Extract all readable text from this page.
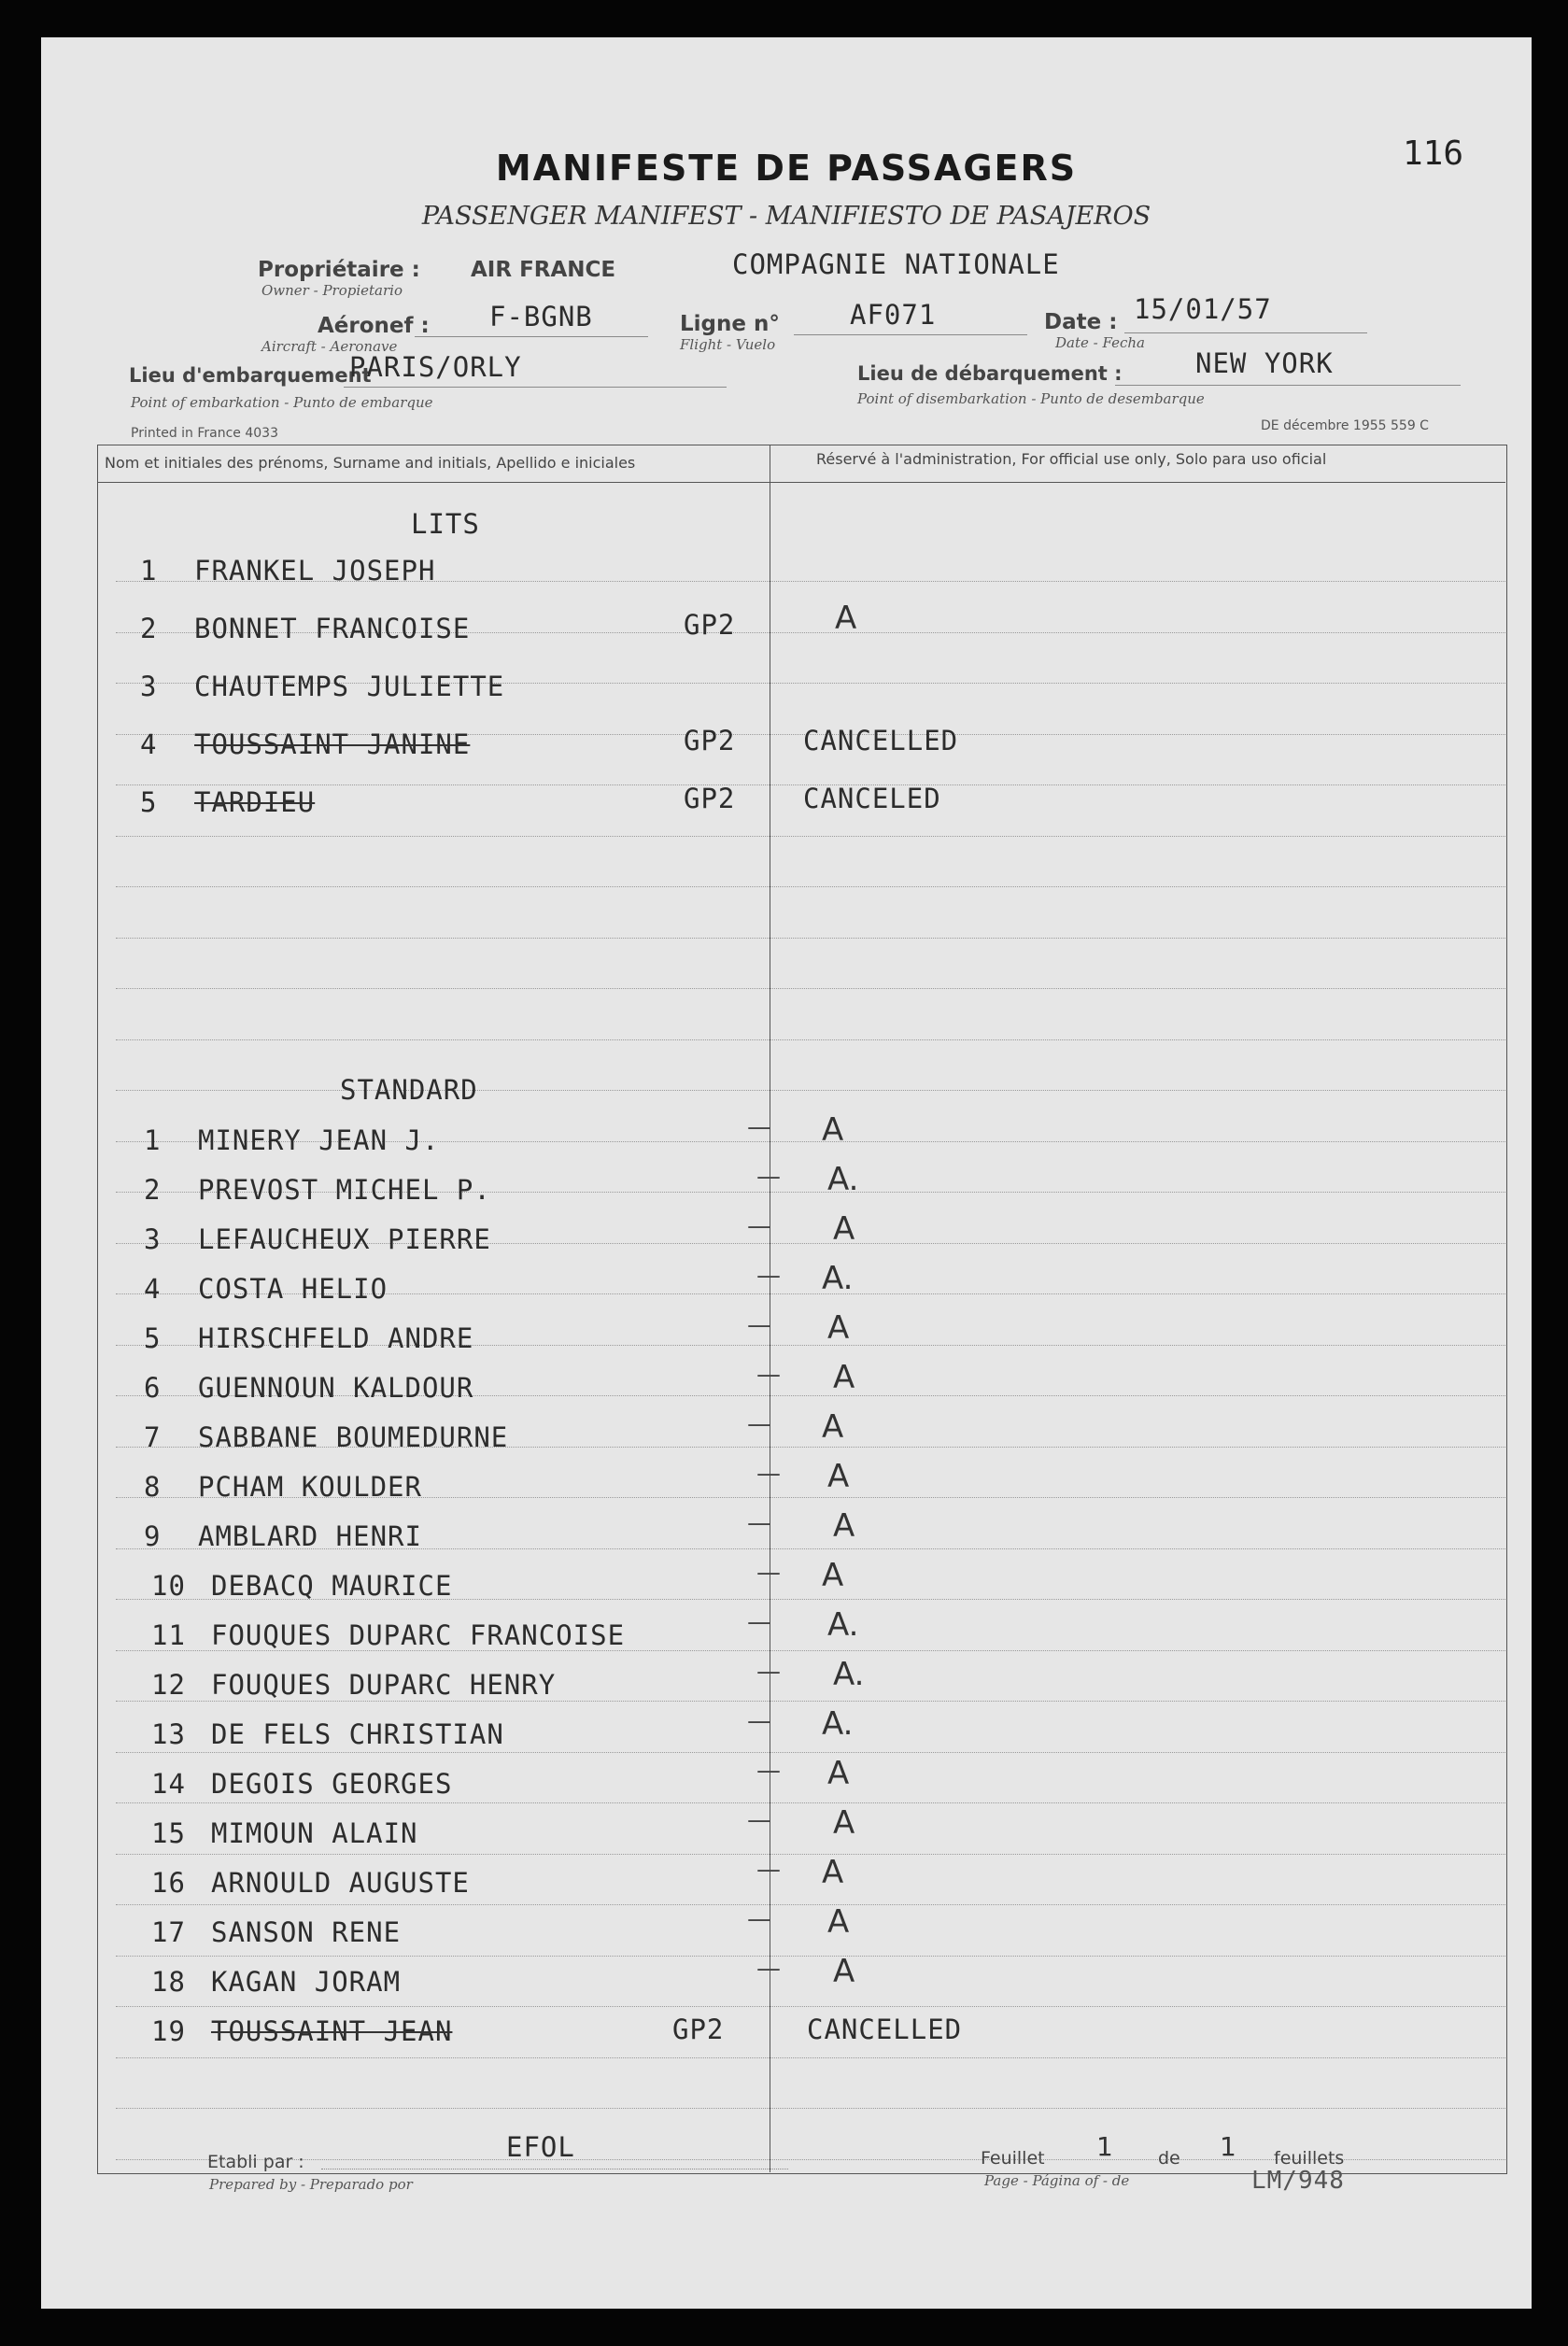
116
MANIFESTE DE PASSAGERS
PASSENGER MANIFEST - MANIFIESTO DE PASAJEROS
Propriétaire :
Owner - Propietario
AIR FRANCE	COMPAGNIE NATIONALE
Aéronef :
Aircraft - Aeronave
F-BGNB	Ligne n°
Flight - Vuelo
AF071	Date :
Date - Fecha
15/01/57
Lieu d'embarquement
Point of embarkation - Punto de embarque
PARIS/ORLY	Lieu de débarquement :
Point of disembarkation - Punto de desembarque
NEW YORK
Printed in France 4033	DE décembre 1955 559 C
Nom et initiales des prénoms, Surname and initials, Apellido e iniciales	Réservé à l'administration, For official use only, Solo para uso oficial
LITS
1 FRANKEL JOSEPH
2 BONNET FRANCOISE	GP2	A
3 CHAUTEMPS JULIETTE
4 TOUSSAINT JANINE	GP2	CANCELLED
5 TARDIEU	GP2	CANCELED
STANDARD
1 MINERY JEAN J.	A
—
2 PREVOST MICHEL P.	A.
—
3 LEFAUCHEUX PIERRE	A
—
4 COSTA HELIO	A.
—
5 HIRSCHFELD ANDRE	A
—
6 GUENNOUN KALDOUR	A
—
7 SABBANE BOUMEDURNE	A
—
8 PCHAM KOULDER	A
—
9 AMBLARD HENRI	A
—
10 DEBACQ MAURICE	A
—
11 FOUQUES DUPARC FRANCOISE	A.
—
12 FOUQUES DUPARC HENRY	A.
—
13 DE FELS CHRISTIAN	A.
—
14 DEGOIS GEORGES	A
—
15 MIMOUN ALAIN	A
—
16 ARNOULD AUGUSTE	A
—
17 SANSON RENE	A
—
18 KAGAN JORAM	A
—
19 TOUSSAINT JEAN	GP2	CANCELLED
Etabli par :
Prepared by - Preparado por
EFOL	Feuillet 1	de 1 feuillets
Page - Página of - de	LM/948
